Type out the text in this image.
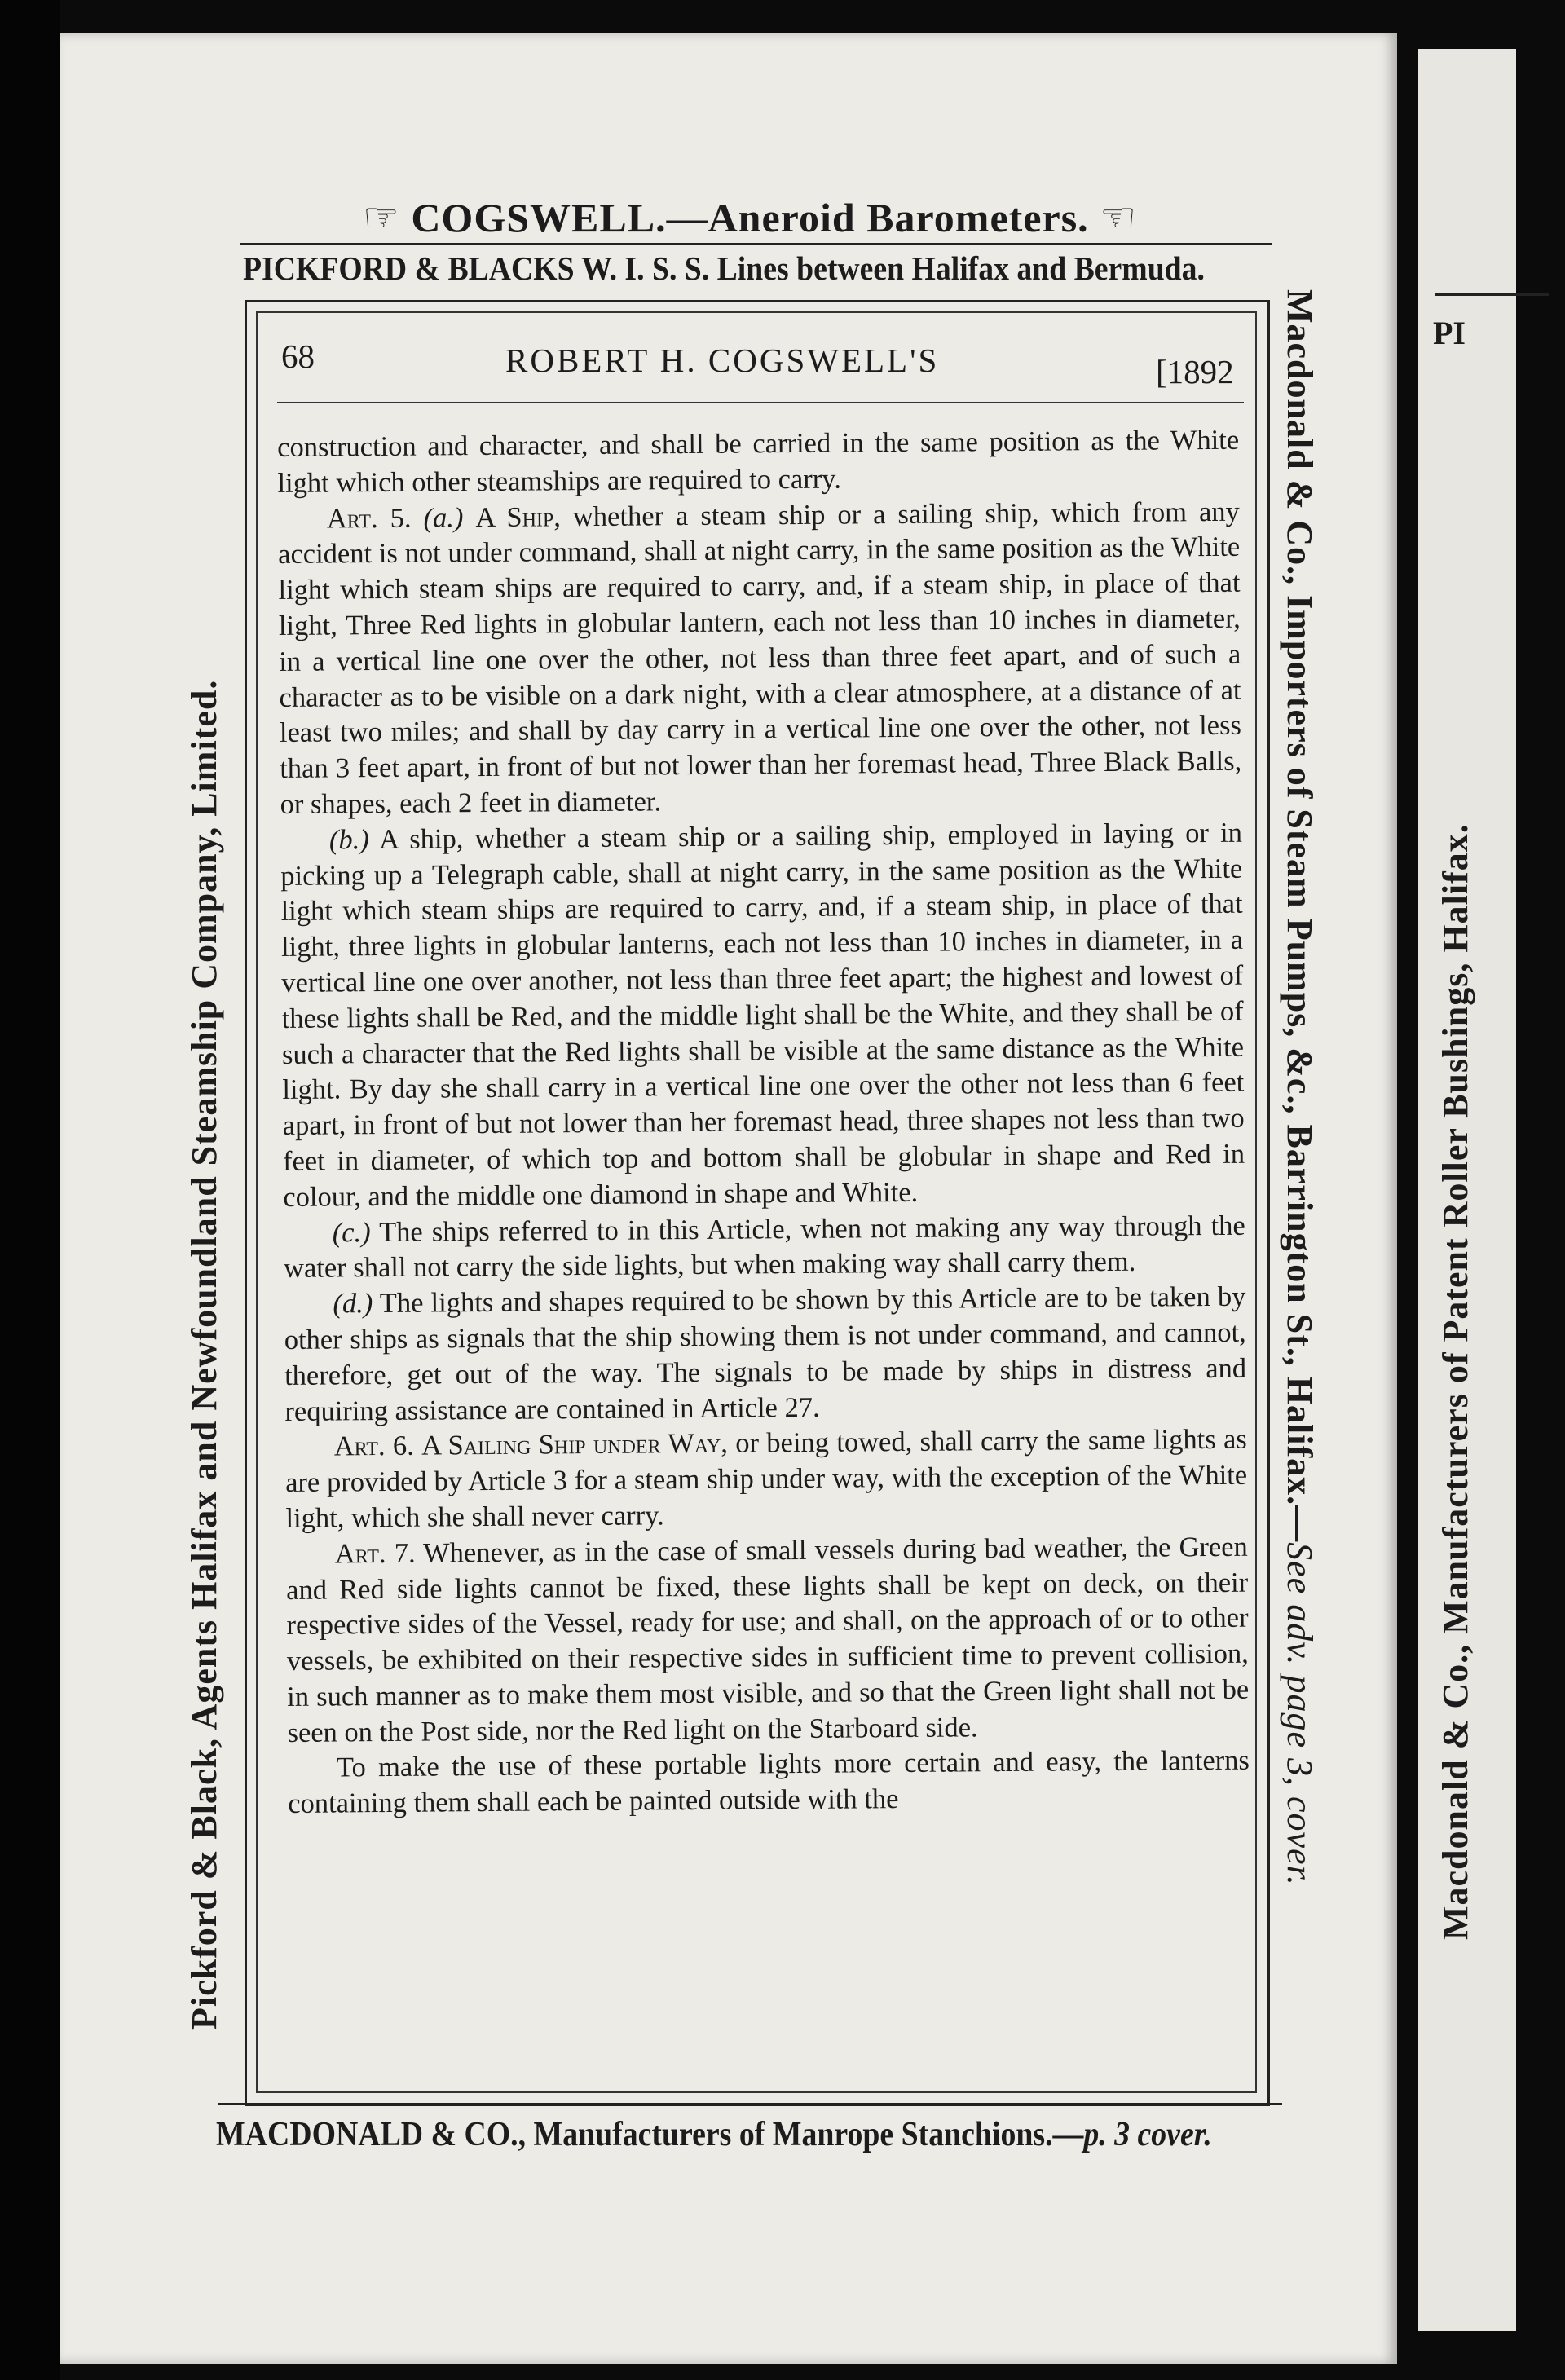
PI
Macdonald & Co., Manufacturers of Patent Roller Bushings, Halifax.
☞ COGSWELL.—Aneroid Barometers. ☜
PICKFORD & BLACKS W. I. S. S. Lines between Halifax and Bermuda.
68	ROBERT H. COGSWELL'S	[1892

construction and character, and shall be carried in the same position as the White light which other steamships are required to carry.

Art. 5. (a.) A Ship, whether a steam ship or a sailing ship, which from any accident is not under command, shall at night carry, in the same position as the White light which steam ships are required to carry, and, if a steam ship, in place of that light, Three Red lights in globular lantern, each not less than 10 inches in diameter, in a vertical line one over the other, not less than three feet apart, and of such a character as to be visible on a dark night, with a clear atmosphere, at a distance of at least two miles; and shall by day carry in a vertical line one over the other, not less than 3 feet apart, in front of but not lower than her foremast head, Three Black Balls, or shapes, each 2 feet in diameter.

(b.) A ship, whether a steam ship or a sailing ship, employed in laying or in picking up a Telegraph cable, shall at night carry, in the same position as the White light which steam ships are required to carry, and, if a steam ship, in place of that light, three lights in globular lanterns, each not less than 10 inches in diameter, in a vertical line one over another, not less than three feet apart; the highest and lowest of these lights shall be Red, and the middle light shall be the White, and they shall be of such a character that the Red lights shall be visible at the same distance as the White light. By day she shall carry in a vertical line one over the other not less than 6 feet apart, in front of but not lower than her foremast head, three shapes not less than two feet in diameter, of which top and bottom shall be globular in shape and Red in colour, and the middle one diamond in shape and White.

(c.) The ships referred to in this Article, when not making any way through the water shall not carry the side lights, but when making way shall carry them.

(d.) The lights and shapes required to be shown by this Article are to be taken by other ships as signals that the ship showing them is not under command, and cannot, therefore, get out of the way. The signals to be made by ships in distress and requiring assistance are contained in Article 27.

Art. 6. A Sailing Ship under Way, or being towed, shall carry the same lights as are provided by Article 3 for a steam ship under way, with the exception of the White light, which she shall never carry.

Art. 7. Whenever, as in the case of small vessels during bad weather, the Green and Red side lights cannot be fixed, these lights shall be kept on deck, on their respective sides of the Vessel, ready for use; and shall, on the approach of or to other vessels, be exhibited on their respective sides in sufficient time to prevent collision, in such manner as to make them most visible, and so that the Green light shall not be seen on the Post side, nor the Red light on the Starboard side.

To make the use of these portable lights more certain and easy, the lanterns containing them shall each be painted outside with the

MACDONALD & CO., Manufacturers of Manrope Stanchions.—p. 3 cover.
Pickford & Black, Agents Halifax and Newfoundland Steamship Company, Limited.	Macdonald & Co., Importers of Steam Pumps, &c., Barrington St., Halifax.—See adv. page 3, cover.
